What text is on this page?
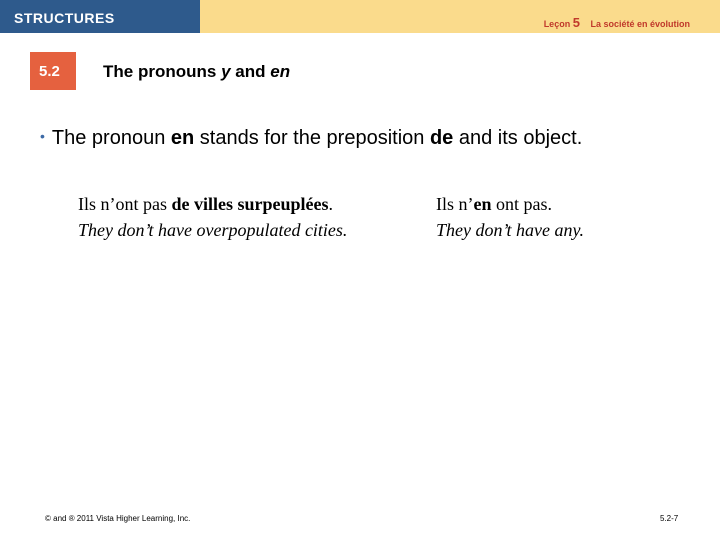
STRUCTURES	Leçon 5 La société en évolution
5.2	The pronouns y and en
• The pronoun en stands for the preposition de and its object.
Ils n’ont pas de villes surpeuplées.
They don’t have overpopulated cities.
Ils n’en ont pas.
They don’t have any.
© and ® 2011 Vista Higher Learning, Inc.	5.2-7
